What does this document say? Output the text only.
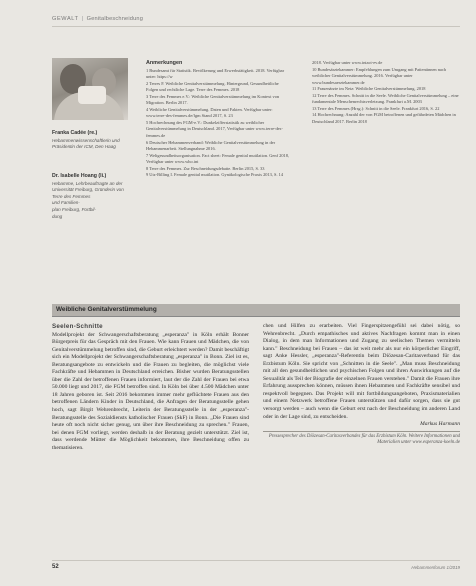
GEWALT | Genitalbeschneidung
Franka Cadée (re.)
Hebammenwissenschaftlerin und Präsidentin der ICM, Den Haag
Dr. Isabelle Hoang (li.)
Hebamme, Lehrbeauftragte an der Universität Freiburg, Gründerin von Terre des Femmes
und Familien-
plan Freiburg, Fortbil-
dung
Anmerkungen

1 Bundesamt für Statistik. Bevölkerung und Erwerbstätigkeit. 2018. Verfügbar unter: https://w

2 Terres F. Weibliche Genitalverstümmelung. Hintergrund, Gesundheitliche Folgen und rechtliche Lage. Terre des Femmes. 2018

3 Terre des Femmes e.V.: Weibliche Genitalverstümmelung im Kontext von Migration. Berlin 2017.

4 Weibliche Genitalverstümmelung. Daten und Fakten. Verfügbar unter: www.terre-des-femmes.de/fgm Stand 2017, S. 23

5 Hochrechnung des FGM-e.V.: Dunkelzifferstatistik zu weiblicher Genitalverstümmelung in Deutschland. 2017, Verfügbar unter www.terre-des-femmes.de

6 Deutscher Hebammenverband: Weibliche Genitalverstümmelung in der Hebammenarbeit. Stellungnahme 2016.

7 Weltgesundheitsorganisation. Fact sheet: Female genital mutilation. Genf 2018, Verfügbar unter www.who.int

8 Terre des Femmes. Zur Beschneidungsdebatte. Berlin 2015, S. 33

9 Utz-Billing I. Female genital mutilation. Gynäkologische Praxis 2013, S. 14

2018. Verfügbar unter www.intact-ev.de

10 Bundesärztekammer: Empfehlungen zum Umgang mit Patientinnen nach weiblicher Genitalverstümmelung. 2016. Verfügbar unter www.bundesaerztekammer.de

11 Frauenärzte im Netz: Weibliche Genitalverstümmelung, 2018

12 Terre des Femmes. Schnitt in die Seele. Weibliche Genitalverstümmelung – eine fundamentale Menschenrechtsverletzung. Frankfurt a.M. 2003

13 Terre des Femmes (Hrsg.): Schnitt in die Seele. Frankfurt 2016, S. 22

14 Hochrechnung: Anzahl der von FGM betroffenen und gefährdeten Mädchen in Deutschland 2017. Berlin 2018

Weibliche Genitalverstümmelung
Seelen-Schnitte
Modellprojekt der Schwangerschaftsberatung „esperanza" in Köln erhält Bonner Bürgerpreis für das Gespräch mit den Frauen. Wie kann Frauen und Mädchen, die von Genitalverstümmelung betroffen sind, die Geburt erleichtert werden? Damit beschäftigt sich ein Modellprojekt der Schwangerschaftsberatung „esperanza" in Bonn. Ziel ist es, Beratungsangebote zu entwickeln und die Frauen zu begleiten, die möglichst viele Fachkräfte und Hebammen in Deutschland erreichen. Bisher wurden Beratungsstellen über die Zahl der betroffenen Frauen informiert, laut der die Zahl der Frauen bei etwa 50.000 liegt und 2017, die FGM betroffen sind. In Köln bei über 4.500 Mädchen unter 18 Jahren geboren ist. Seit 2016 bekommen immer mehr geflüchtete Frauen aus den betroffenen Ländern Kinder in Deutschland, die Anfragen der Beratungsstelle gehen hoch, sagt Birgit Wehrenbrecht, Leiterin der Beratungsstelle in der „esperanza"-Beratungsstelle des Sozialdiensts katholischer Frauen (SkF) in Bonn. „Die Frauen sind heute oft noch nicht sicher genug, um über ihre Beschneidung zu sprechen." Frauen, bei denen FGM vorliegt, werden deshalb in der Beratung gezielt unterstützt. Ziel ist, dass werdende Mütter die Möglichkeit bekommen, ihre Beschneidung offen zu thematisieren.
chen und Hilfen zu erarbeiten. Viel Fingerspitzengefühl sei dabei nötig, so Wehrenbrecht. „Durch empathisches und aktives Nachfragen kommt man in einen Dialog, in dem man Informationen und Zugang zu seelischen Themen vermitteln kann." Beschneidung bei Frauen – das ist weit mehr als nur ein körperlicher Eingriff, sagt Anke Hessler, „esperanza"-Referentin beim Diözesan-Caritasverband für das Erzbistum Köln. Sie spricht von „Schnitten in die Seele". „Man muss Beschneidung mit all den gesundheitlichen und psychischen Folgen und ihren Auswirkungen auf die Sexualität als Teil der Biografie der einzelnen Frauen verstehen." Damit die Frauen ihre Erfahrung aussprechen können, müssen ihnen Hebammen und Fachkräfte sensibel und respektvoll begegnen. Das Projekt will mit fortbildungsangeboten, Praxismaterialien und einem Netzwerk betroffene Frauen unterstützen und dafür sorgen, dass sie gut versorgt werden – auch wenn die Geburt erst nach der Beschneidung im anderen Land oder in der Lage sind, zu entscheiden.
Markus Harmann
Pressesprecher des Diözesan-Caritasverbandes für das Erzbistum Köln. Weitere Informationen und Materialien unter www.esperanza-koeln.de
52	Hebammenforum 1/2019
